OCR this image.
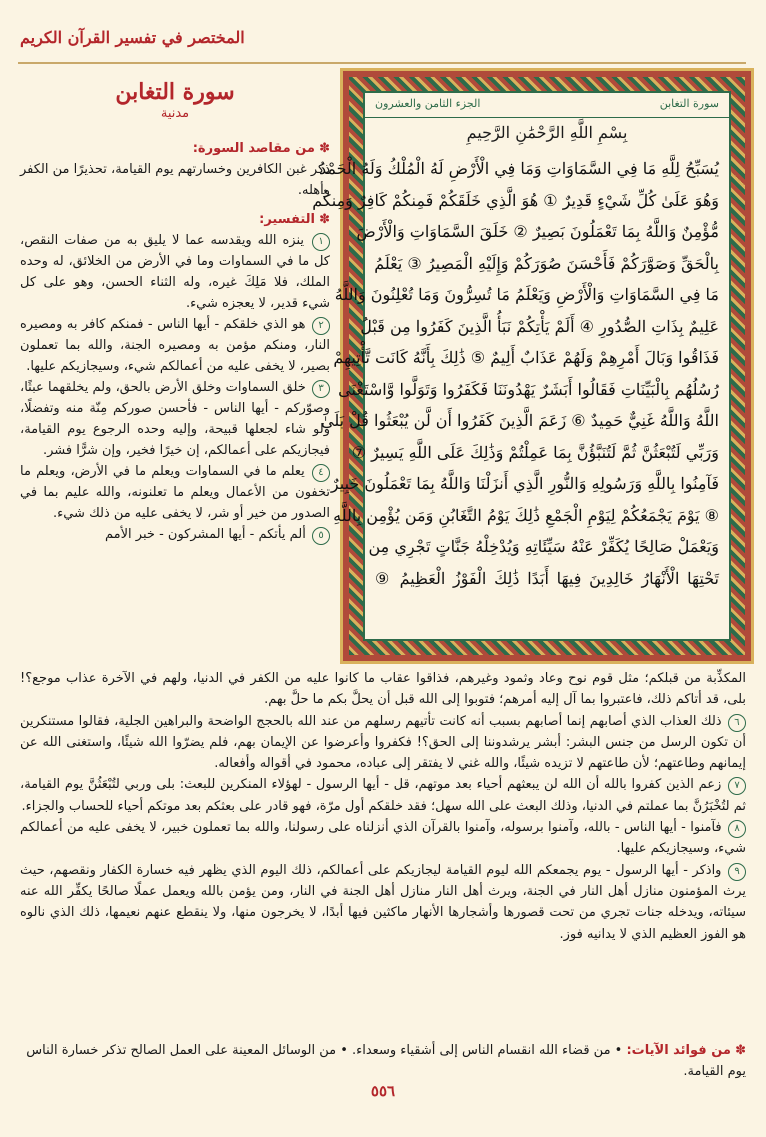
المختصر في تفسير القرآن الكريم
سورة التغابن
الجزء الثامن والعشرون
بِسْمِ اللَّهِ الرَّحْمَٰنِ الرَّحِيمِ
يُسَبِّحُ لِلَّهِ مَا فِي السَّمَاوَاتِ وَمَا فِي الْأَرْضِ لَهُ الْمُلْكُ وَلَهُ الْحَمْدُ
وَهُوَ عَلَىٰ كُلِّ شَيْءٍ قَدِيرٌ ① هُوَ الَّذِي خَلَقَكُمْ فَمِنكُمْ كَافِرٌ وَمِنكُم
مُّؤْمِنٌ وَاللَّهُ بِمَا تَعْمَلُونَ بَصِيرٌ ② خَلَقَ السَّمَاوَاتِ وَالْأَرْضَ
بِالْحَقِّ وَصَوَّرَكُمْ فَأَحْسَنَ صُوَرَكُمْ وَإِلَيْهِ الْمَصِيرُ ③ يَعْلَمُ
مَا فِي السَّمَاوَاتِ وَالْأَرْضِ وَيَعْلَمُ مَا تُسِرُّونَ وَمَا تُعْلِنُونَ وَاللَّهُ
عَلِيمٌ بِذَاتِ الصُّدُورِ ④ أَلَمْ يَأْتِكُمْ نَبَأُ الَّذِينَ كَفَرُوا مِن قَبْلُ
فَذَاقُوا وَبَالَ أَمْرِهِمْ وَلَهُمْ عَذَابٌ أَلِيمٌ ⑤ ذَٰلِكَ بِأَنَّهُ كَانَت تَّأْتِيهِمْ
رُسُلُهُم بِالْبَيِّنَاتِ فَقَالُوا أَبَشَرٌ يَهْدُونَنَا فَكَفَرُوا وَتَوَلَّوا وَّاسْتَغْنَى
اللَّهُ وَاللَّهُ غَنِيٌّ حَمِيدٌ ⑥ زَعَمَ الَّذِينَ كَفَرُوا أَن لَّن يُبْعَثُوا قُلْ بَلَىٰ
وَرَبِّي لَتُبْعَثُنَّ ثُمَّ لَتُنَبَّؤُنَّ بِمَا عَمِلْتُمْ وَذَٰلِكَ عَلَى اللَّهِ يَسِيرٌ ⑦
فَآمِنُوا بِاللَّهِ وَرَسُولِهِ وَالنُّورِ الَّذِي أَنزَلْنَا وَاللَّهُ بِمَا تَعْمَلُونَ خَبِيرٌ
⑧ يَوْمَ يَجْمَعُكُمْ لِيَوْمِ الْجَمْعِ ذَٰلِكَ يَوْمُ التَّغَابُنِ وَمَن يُؤْمِن بِاللَّهِ
وَيَعْمَلْ صَالِحًا يُكَفِّرْ عَنْهُ سَيِّئَاتِهِ وَيُدْخِلْهُ جَنَّاتٍ تَجْرِي مِن
تَحْتِهَا الْأَنْهَارُ خَالِدِينَ فِيهَا أَبَدًا ذَٰلِكَ الْفَوْزُ الْعَظِيمُ ⑨
سورة التغابن
مدنية
✽ من مقاصد السورة:
ذكر غبن الكافرين وخسارتهم يوم القيامة، تحذيرًا من الكفر وأهله.
✽ التفسير:
١ ينزه الله ويقدسه عما لا يليق به من صفات النقص، كل ما في السماوات وما في الأرض من الخلائق، له وحده الملك، فلا مَلِكَ غيره، وله الثناء الحسن، وهو على كل شيء قدير، لا يعجزه شيء.
٢ هو الذي خلقكم - أيها الناس - فمنكم كافر به ومصيره النار، ومنكم مؤمن به ومصيره الجنة، والله بما تعملون بصير، لا يخفى عليه من أعمالكم شيء، وسيجازيكم عليها.
٣ خلق السماوات وخلق الأرض بالحق، ولم يخلقهما عبثًا، وصوّركم - أيها الناس - فأحسن صوركم مِنّة منه وتفضلًا، ولو شاء لجعلها قبيحة، وإليه وحده الرجوع يوم القيامة، فيجازيكم على أعمالكم، إن خيرًا فخير، وإن شرًّا فشر.
٤ يعلم ما في السماوات ويعلم ما في الأرض، ويعلم ما تخفون من الأعمال ويعلم ما تعلنونه، والله عليم بما في الصدور من خير أو شر، لا يخفى عليه من ذلك شيء.
٥ ألم يأتكم - أيها المشركون - خبر الأمم

المكذِّبة من قبلكم؛ مثل قوم نوح وعاد وثمود وغيرهم، فذاقوا عقاب ما كانوا عليه من الكفر في الدنيا، ولهم في الآخرة عذاب موجع؟! بلى، قد أتاكم ذلك، فاعتبروا بما آل إليه أمرهم؛ فتوبوا إلى الله قبل أن يحلَّ بكم ما حلَّ بهم.

٦ ذلك العذاب الذي أصابهم إنما أصابهم بسبب أنه كانت تأتيهم رسلهم من عند الله بالحجج الواضحة والبراهين الجلية، فقالوا مستنكرين أن تكون الرسل من جنس البشر: أبشر يرشدوننا إلى الحق؟! فكفروا وأعرضوا عن الإيمان بهم، فلم يضرّوا الله شيئًا، واستغنى الله عن إيمانهم وطاعتهم؛ لأن طاعتهم لا تزيده شيئًا، والله غني لا يفتقر إلى عباده، محمود في أقواله وأفعاله.

٧ زعم الذين كفروا بالله أن الله لن يبعثهم أحياء بعد موتهم، قل - أيها الرسول - لهؤلاء المنكرين للبعث: بلى وربي لتُبْعَثُنَّ يوم القيامة، ثم لتُخْبَرُنَّ بما عملتم في الدنيا، وذلك البعث على الله سهل؛ فقد خلقكم أول مرّة، فهو قادر على بعثكم بعد موتكم أحياء للحساب والجزاء.

٨ فآمنوا - أيها الناس - بالله، وآمنوا برسوله، وآمنوا بالقرآن الذي أنزلناه على رسولنا، والله بما تعملون خبير، لا يخفى عليه من أعمالكم شيء، وسيجازيكم عليها.

٩ واذكر - أيها الرسول - يوم يجمعكم الله ليوم القيامة ليجازيكم على أعمالكم، ذلك اليوم الذي يظهر فيه خسارة الكفار ونقصهم، حيث يرث المؤمنون منازل أهل النار في الجنة، ويرث أهل النار منازل أهل الجنة في النار، ومن يؤمن بالله ويعمل عملًا صالحًا يكفِّر الله عنه سيئاته، ويدخله جنات تجري من تحت قصورها وأشجارها الأنهار ماكثين فيها أبدًا، لا يخرجون منها، ولا ينقطع عنهم نعيمها، ذلك الذي نالوه هو الفوز العظيم الذي لا يدانيه فوز.

✽ من فوائد الآيات: • من قضاء الله انقسام الناس إلى أشقياء وسعداء. • من الوسائل المعينة على العمل الصالح تذكر خسارة الناس يوم القيامة.
٥٥٦
